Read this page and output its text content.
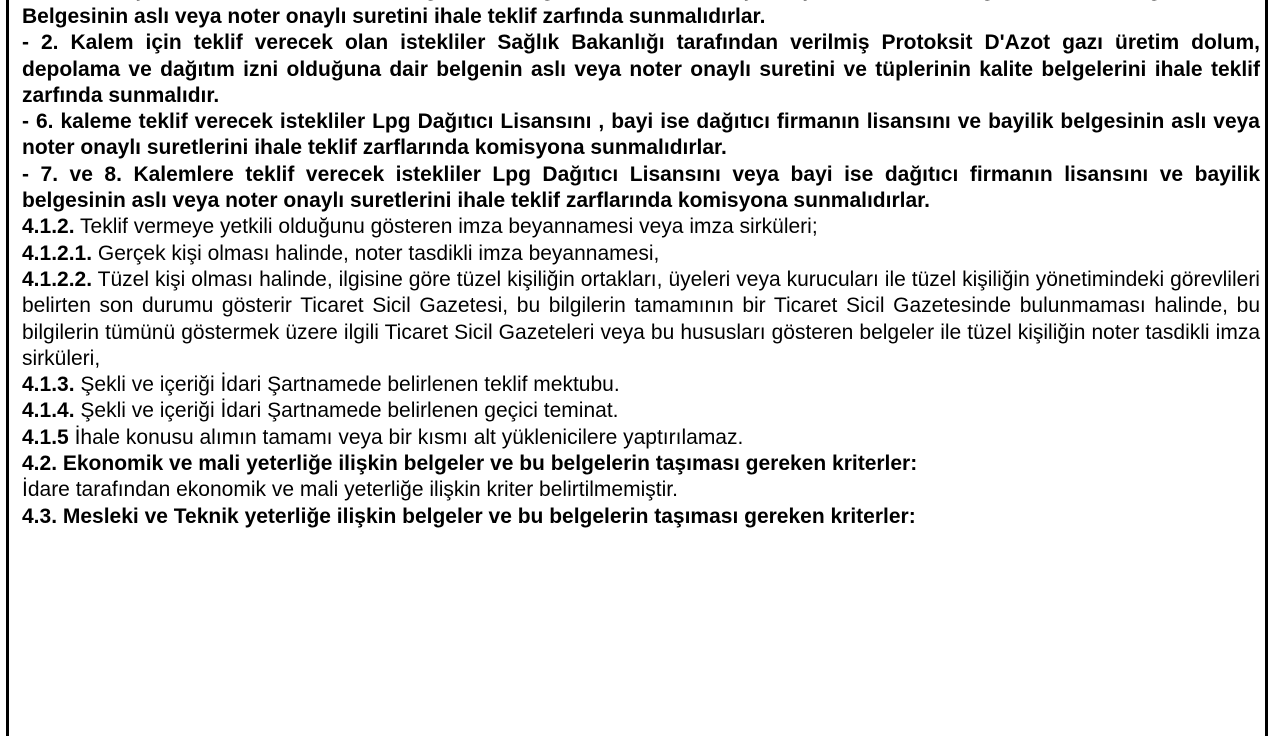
Belgesinin aslı veya noter onaylı suretini ihale teklif zarfında sunmalıdırlar.

- 2. Kalem için teklif verecek olan istekliler Sağlık Bakanlığı tarafından verilmiş Protoksit D'Azot gazı üretim dolum, depolama ve dağıtım izni olduğuna dair belgenin aslı veya noter onaylı suretini ve tüplerinin kalite belgelerini ihale teklif zarfında sunmalıdır.

- 6. kaleme teklif verecek istekliler Lpg Dağıtıcı Lisansını , bayi ise dağıtıcı firmanın lisansını ve bayilik belgesinin aslı veya noter onaylı suretlerini ihale teklif zarflarında komisyona sunmalıdırlar.

- 7. ve 8. Kalemlere teklif verecek istekliler Lpg Dağıtıcı Lisansını veya bayi ise dağıtıcı firmanın lisansını ve bayilik belgesinin aslı veya noter onaylı suretlerini ihale teklif zarflarında komisyona sunmalıdırlar.

4.1.2. Teklif vermeye yetkili olduğunu gösteren imza beyannamesi veya imza sirküleri;

4.1.2.1. Gerçek kişi olması halinde, noter tasdikli imza beyannamesi,

4.1.2.2. Tüzel kişi olması halinde, ilgisine göre tüzel kişiliğin ortakları, üyeleri veya kurucuları ile tüzel kişiliğin yönetimindeki görevlileri belirten son durumu gösterir Ticaret Sicil Gazetesi, bu bilgilerin tamamının bir Ticaret Sicil Gazetesinde bulunmaması halinde, bu bilgilerin tümünü göstermek üzere ilgili Ticaret Sicil Gazeteleri veya bu hususları gösteren belgeler ile tüzel kişiliğin noter tasdikli imza sirküleri,

4.1.3. Şekli ve içeriği İdari Şartnamede belirlenen teklif mektubu.

4.1.4. Şekli ve içeriği İdari Şartnamede belirlenen geçici teminat.

4.1.5 İhale konusu alımın tamamı veya bir kısmı alt yüklenicilere yaptırılamaz.

4.2. Ekonomik ve mali yeterliğe ilişkin belgeler ve bu belgelerin taşıması gereken kriterler:

İdare tarafından ekonomik ve mali yeterliğe ilişkin kriter belirtilmemiştir.

4.3. Mesleki ve Teknik yeterliğe ilişkin belgeler ve bu belgelerin taşıması gereken kriterler:
